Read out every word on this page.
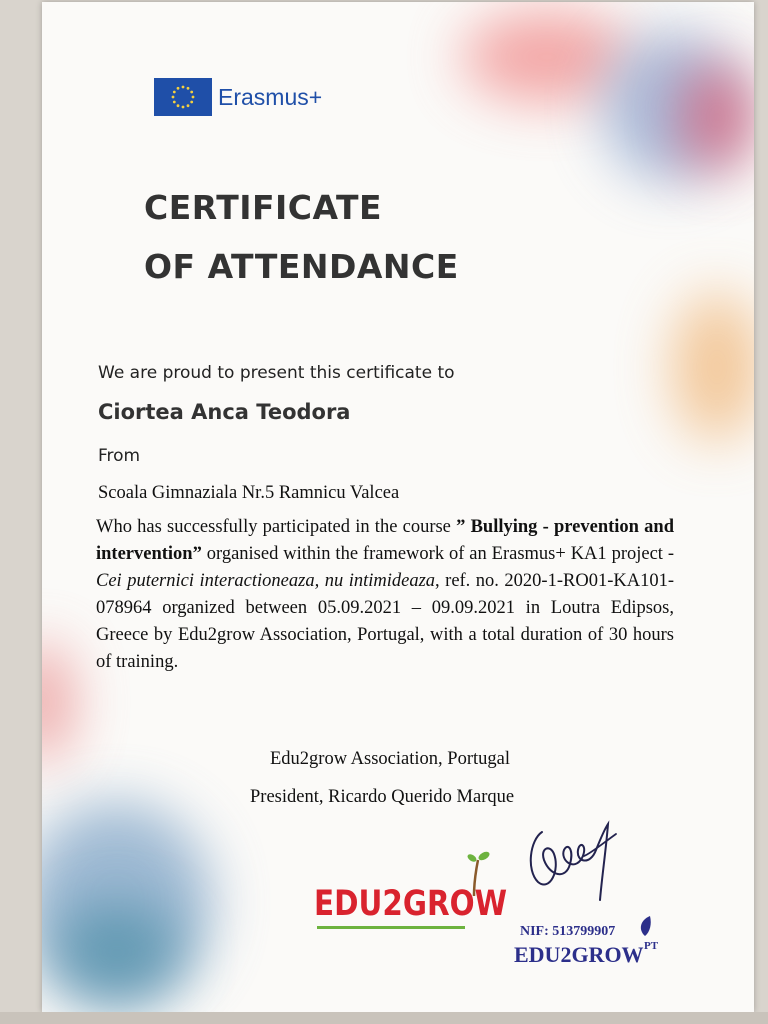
Erasmus+
CERTIFICATE
OF ATTENDANCE
We are proud to present this certificate to
Ciortea Anca Teodora
From
Scoala Gimnaziala Nr.5 Ramnicu Valcea
Who has successfully participated in the course ” Bullying - prevention and intervention” organised within the framework of an Erasmus+ KA1 project - Cei puternici interactioneaza, nu intimideaza, ref. no. 2020-1-RO01-KA101-078964 organized between 05.09.2021 – 09.09.2021 in Loutra Edipsos, Greece by Edu2grow Association, Portugal, with a total duration of 30 hours of training.
Edu2grow Association, Portugal
President, Ricardo Querido Marque
EDU2GROW
NIF: 513799907
EDU2GROW PT
